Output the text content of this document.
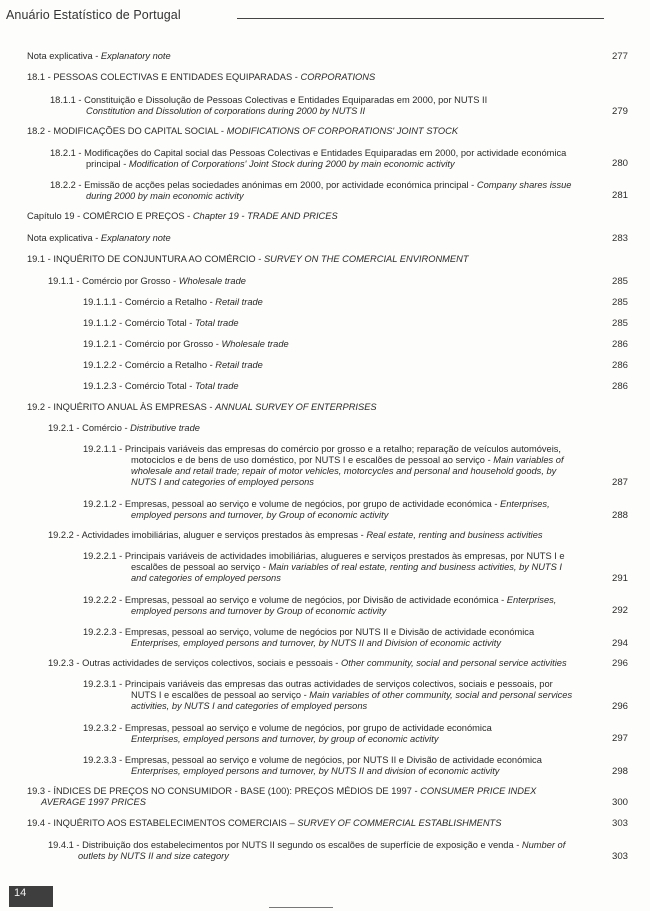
Anuário Estatístico de Portugal
Nota explicativa - Explanatory note	277
18.1 - PESSOAS COLECTIVAS E ENTIDADES EQUIPARADAS - CORPORATIONS
18.1.1 - Constituição e Dissolução de Pessoas Colectivas e Entidades Equiparadas em 2000, por NUTS II
Constitution and Dissolution of corporations during 2000 by NUTS II	279
18.2 - MODIFICAÇÕES DO CAPITAL SOCIAL - MODIFICATIONS OF CORPORATIONS' JOINT STOCK
18.2.1 - Modificações do Capital social das Pessoas Colectivas e Entidades Equiparadas em 2000, por actividade económica principal - Modification of Corporations' Joint Stock during 2000 by main economic activity	280
18.2.2 - Emissão de acções pelas sociedades anónimas em 2000, por actividade económica principal - Company shares issue during 2000 by main economic activity	281
Capítulo 19 - COMÉRCIO E PREÇOS - Chapter 19 - TRADE AND PRICES
Nota explicativa - Explanatory note	283
19.1 - INQUÉRITO DE CONJUNTURA AO COMÉRCIO - SURVEY ON THE COMERCIAL ENVIRONMENT
19.1.1 - Comércio por Grosso - Wholesale trade	285
19.1.1.1 - Comércio a Retalho - Retail trade	285
19.1.1.2 - Comércio Total - Total trade	285
19.1.2.1 - Comércio por Grosso - Wholesale trade	286
19.1.2.2 - Comércio a Retalho - Retail trade	286
19.1.2.3 - Comércio Total - Total trade	286
19.2 - INQUÉRITO ANUAL ÀS EMPRESAS - ANNUAL SURVEY OF ENTERPRISES
19.2.1 - Comércio - Distributive trade
19.2.1.1 - Principais variáveis das empresas do comércio por grosso e a retalho; reparação de veículos automóveis, motociclos e de bens de uso doméstico, por NUTS I e escalões de pessoal ao serviço - Main variables of wholesale and retail trade; repair of motor vehicles, motorcycles and personal and household goods, by NUTS I and categories of employed persons	287
19.2.1.2 - Empresas, pessoal ao serviço e volume de negócios, por grupo de actividade económica - Enterprises, employed persons and turnover, by Group of economic activity	288
19.2.2 - Actividades imobiliárias, aluguer e serviços prestados às empresas - Real estate, renting and business activities
19.2.2.1 - Principais variáveis de actividades imobiliárias, alugueres e serviços prestados às empresas, por NUTS I e escalões de pessoal ao serviço - Main variables of real estate, renting and business activities, by NUTS I and categories of employed persons	291
19.2.2.2 - Empresas, pessoal ao serviço e volume de negócios, por Divisão de actividade económica - Enterprises, employed persons and turnover by Group of economic activity	292
19.2.2.3 - Empresas, pessoal ao serviço, volume de negócios por NUTS II e Divisão de actividade económica
Enterprises, employed persons and turnover, by NUTS II and Division of economic activity	294
19.2.3 - Outras actividades de serviços colectivos, sociais e pessoais - Other community, social and personal service activities	296
19.2.3.1 - Principais variáveis das empresas das outras actividades de serviços colectivos, sociais e pessoais, por NUTS I e escalões de pessoal ao serviço - Main variables of other community, social and personal services activities, by NUTS I and categories of employed persons	296
19.2.3.2 - Empresas, pessoal ao serviço e volume de negócios, por grupo de actividade económica
Enterprises, employed persons and turnover, by group of economic activity	297
19.2.3.3 - Empresas, pessoal ao serviço e volume de negócios, por NUTS II e Divisão de actividade económica
Enterprises, employed persons and turnover, by NUTS II and division of economic activity	298
19.3 - ÍNDICES DE PREÇOS NO CONSUMIDOR - BASE (100): PREÇOS MÉDIOS DE 1997 - CONSUMER PRICE INDEX AVERAGE 1997 PRICES	300
19.4 - INQUÉRITO AOS ESTABELECIMENTOS COMERCIAIS – SURVEY OF COMMERCIAL ESTABLISHMENTS	303
19.4.1 - Distribuição dos estabelecimentos por NUTS II segundo os escalões de superfície de exposição e venda - Number of outlets by NUTS II and size category	303
14
